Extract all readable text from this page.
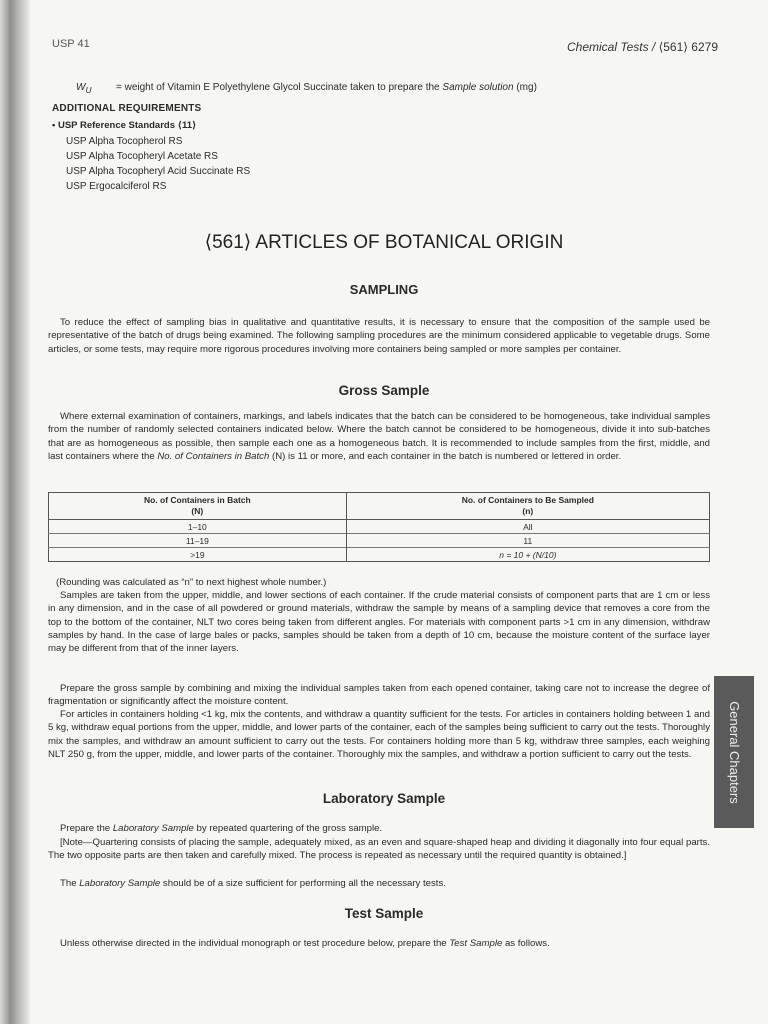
USP 41	Chemical Tests / ⟨561⟩ 6279
$W_U$ = weight of Vitamin E Polyethylene Glycol Succinate taken to prepare the Sample solution (mg)
ADDITIONAL REQUIREMENTS
• USP Reference Standards ⟨11⟩
USP Alpha Tocopherol RS
USP Alpha Tocopheryl Acetate RS
USP Alpha Tocopheryl Acid Succinate RS
USP Ergocalciferol RS
⟨561⟩ ARTICLES OF BOTANICAL ORIGIN
SAMPLING

To reduce the effect of sampling bias in qualitative and quantitative results, it is necessary to ensure that the composition of the sample used be representative of the batch of drugs being examined. The following sampling procedures are the minimum considered applicable to vegetable drugs. Some articles, or some tests, may require more rigorous procedures involving more containers being sampled or more samples per container.

Gross Sample

Where external examination of containers, markings, and labels indicates that the batch can be considered to be homogeneous, take individual samples from the number of randomly selected containers indicated below. Where the batch cannot be considered to be homogeneous, divide it into sub-batches that are as homogeneous as possible, then sample each one as a homogeneous batch. It is recommended to include samples from the first, middle, and last containers where the No. of Containers in Batch (N) is 11 or more, and each container in the batch is numbered or lettered in order.

No. of Containers in Batch
(N)	No. of Containers to Be Sampled
(n)
1–10	All
11–19	11
>19	n = 10 + (N/10)

(Rounding was calculated as “n” to next highest whole number.)

Samples are taken from the upper, middle, and lower sections of each container. If the crude material consists of component parts that are 1 cm or less in any dimension, and in the case of all powdered or ground materials, withdraw the sample by means of a sampling device that removes a core from the top to the bottom of the container, NLT two cores being taken from different angles. For materials with component parts >1 cm in any dimension, withdraw samples by hand. In the case of large bales or packs, samples should be taken from a depth of 10 cm, because the moisture content of the surface layer may be different from that of the inner layers.

Prepare the gross sample by combining and mixing the individual samples taken from each opened container, taking care not to increase the degree of fragmentation or significantly affect the moisture content.

For articles in containers holding <1 kg, mix the contents, and withdraw a quantity sufficient for the tests. For articles in containers holding between 1 and 5 kg, withdraw equal portions from the upper, middle, and lower parts of the container, each of the samples being sufficient to carry out the tests. Thoroughly mix the samples, and withdraw an amount sufficient to carry out the tests. For containers holding more than 5 kg, withdraw three samples, each weighing NLT 250 g, from the upper, middle, and lower parts of the container. Thoroughly mix the samples, and withdraw a portion sufficient to carry out the tests.

Laboratory Sample

Prepare the Laboratory Sample by repeated quartering of the gross sample.

[Note—Quartering consists of placing the sample, adequately mixed, as an even and square-shaped heap and dividing it diagonally into four equal parts. The two opposite parts are then taken and carefully mixed. The process is repeated as necessary until the required quantity is obtained.]

The Laboratory Sample should be of a size sufficient for performing all the necessary tests.

Test Sample

Unless otherwise directed in the individual monograph or test procedure below, prepare the Test Sample as follows.

General Chapters
